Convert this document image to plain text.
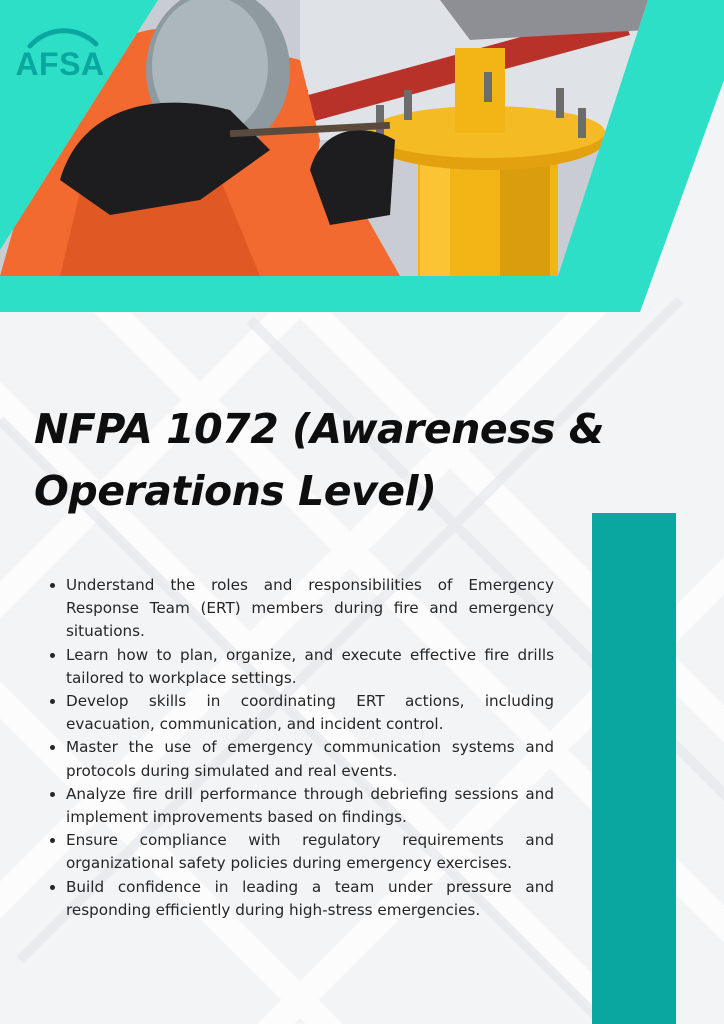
AFSA
NFPA 1072 (Awareness & Operations Level)
• Understand the roles and responsibilities of Emergency Response Team (ERT) members during fire and emergency situations.
• Learn how to plan, organize, and execute effective fire drills tailored to workplace settings.
• Develop skills in coordinating ERT actions, including evacuation, communication, and incident control.
• Master the use of emergency communication systems and protocols during simulated and real events.
• Analyze fire drill performance through debriefing sessions and implement improvements based on findings.
• Ensure compliance with regulatory requirements and organizational safety policies during emergency exercises.
• Build confidence in leading a team under pressure and responding efficiently during high-stress emergencies.
